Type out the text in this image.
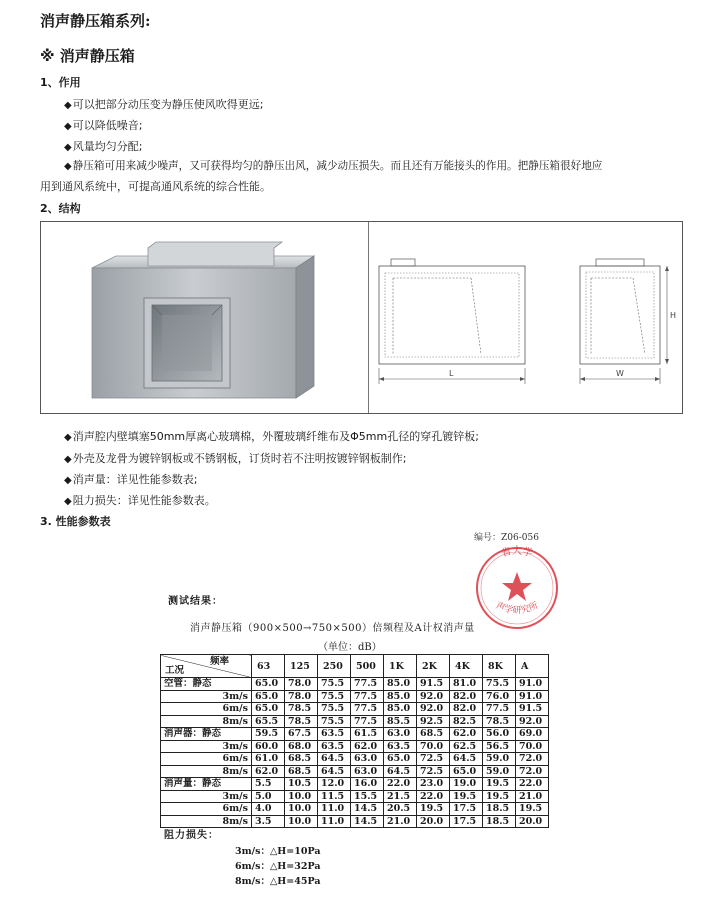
消声静压箱系列:
※ 消声静压箱
1、作用
◆可以把部分动压变为静压使风吹得更远;
◆可以降低噪音;
◆风量均匀分配;
◆静压箱可用来减少噪声，又可获得均匀的静压出风，减少动压损失。而且还有万能接头的作用。把静压箱很好地应
用到通风系统中，可提高通风系统的综合性能。
2、结构
L	W
H
◆消声腔内壁填塞50mm厚离心玻璃棉，外覆玻璃纤维布及Φ5mm孔径的穿孔镀锌板;
◆外壳及龙骨为镀锌钢板或不锈钢板，订货时若不注明按镀锌钢板制作;
◆消声量：详见性能参数表;
◆阻力损失：详见性能参数表。
3. 性能参数表
编号：Z06-056
省大学
声学研究所
测试结果：
消声静压箱（900×500→750×500）倍频程及A计权消声量
（单位：dB）
频率
工况	63	125	250	500	1K	2K	4K	8K	A
空管：静态	65.0	78.0	75.5	77.5	85.0	91.5	81.0	75.5	91.0
3m/s	65.0	78.0	75.5	77.5	85.0	92.0	82.0	76.0	91.0
6m/s	65.0	78.5	75.5	77.5	85.0	92.0	82.0	77.5	91.5
8m/s	65.5	78.5	75.5	77.5	85.5	92.5	82.5	78.5	92.0
消声器：静态	59.5	67.5	63.5	61.5	63.0	68.5	62.0	56.0	69.0
3m/s	60.0	68.0	63.5	62.0	63.5	70.0	62.5	56.5	70.0
6m/s	61.0	68.5	64.5	63.0	65.0	72.5	64.5	59.0	72.0
8m/s	62.0	68.5	64.5	63.0	64.5	72.5	65.0	59.0	72.0
消声量：静态	5.5	10.5	12.0	16.0	22.0	23.0	19.0	19.5	22.0
3m/s	5.0	10.0	11.5	15.5	21.5	22.0	19.5	19.5	21.0
6m/s	4.0	10.0	11.0	14.5	20.5	19.5	17.5	18.5	19.5
8m/s	3.5	10.0	11.0	14.5	21.0	20.0	17.5	18.5	20.0
阻力损失：
3m/s：△H=10Pa
6m/s：△H=32Pa
8m/s：△H=45Pa
